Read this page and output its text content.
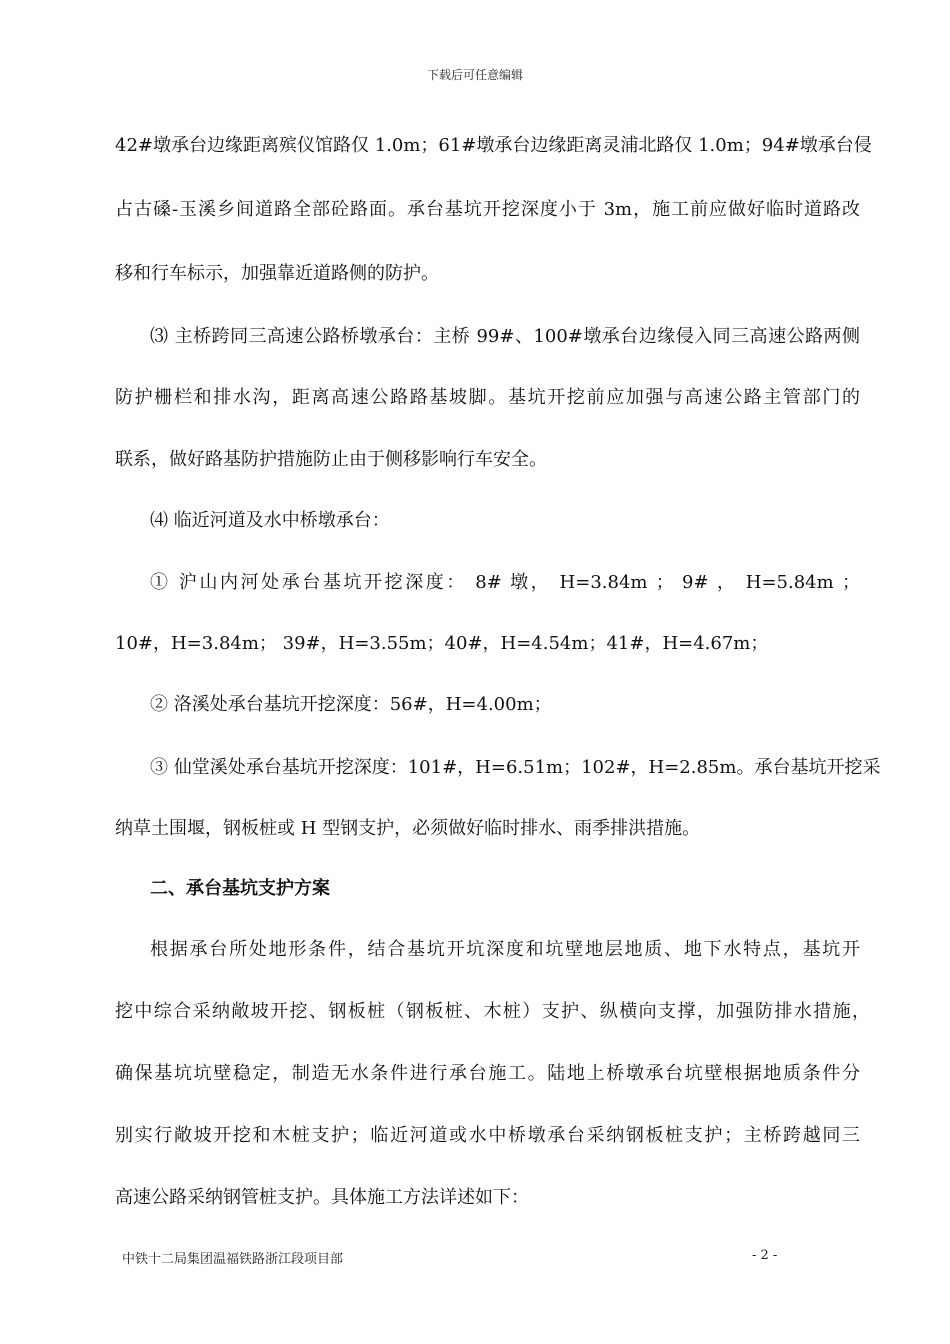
下载后可任意编辑
42#墩承台边缘距离殡仪馆路仅 1.0m；61#墩承台边缘距离灵浦北路仅 1.0m；94#墩承台侵
占古磉-玉溪乡间道路全部砼路面。承台基坑开挖深度小于 3m，施工前应做好临时道路改
移和行车标示，加强靠近道路侧的防护。
⑶ 主桥跨同三高速公路桥墩承台：主桥 99#、100#墩承台边缘侵入同三高速公路两侧
防护栅栏和排水沟，距离高速公路路基坡脚。基坑开挖前应加强与高速公路主管部门的
联系，做好路基防护措施防止由于侧移影响行车安全。
⑷ 临近河道及水中桥墩承台：
① 沪山内河处承台基坑开挖深度： 8# 墩， H=3.84m ； 9# ， H=5.84m ；
10#，H=3.84m； 39#，H=3.55m；40#，H=4.54m；41#，H=4.67m；
② 洛溪处承台基坑开挖深度：56#，H=4.00m；
③ 仙堂溪处承台基坑开挖深度：101#，H=6.51m；102#，H=2.85m。承台基坑开挖采
纳草土围堰，钢板桩或 H 型钢支护，必须做好临时排水、雨季排洪措施。
二、承台基坑支护方案
根据承台所处地形条件，结合基坑开坑深度和坑壁地层地质、地下水特点，基坑开
挖中综合采纳敞坡开挖、钢板桩（钢板桩、木桩）支护、纵横向支撑，加强防排水措施，
确保基坑坑壁稳定，制造无水条件进行承台施工。陆地上桥墩承台坑壁根据地质条件分
别实行敞坡开挖和木桩支护；临近河道或水中桥墩承台采纳钢板桩支护；主桥跨越同三
高速公路采纳钢管桩支护。具体施工方法详述如下：
中铁十二局集团温福铁路浙江段项目部	- 2 -
